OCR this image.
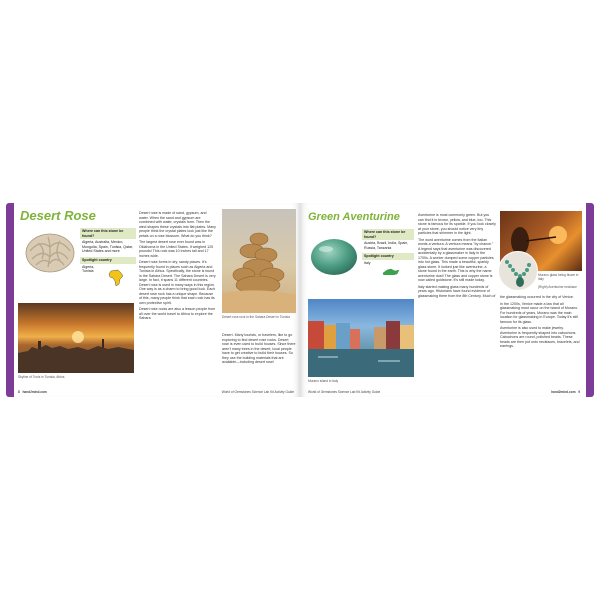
Desert Rose
Where can this stone be found?
Algeria, Australia, Mexico, Mongolia, Spain, Tunisia, Qatar, United States and more
Spotlight country
Algeria, Tunisia
Skyline of Tunis in Tunisia, Africa

Desert rose is made of sand, gypsum, and water. When the sand and gypsum are combined with water, crystals form. Then the wind shapes these crystals into flat plates. Many people think the crystal plates look just like the petals on a rose blossom. What do you think?

The largest desert rose ever found was in Oklahoma in the United States. It weighed 125 pounds! This rock was 10 inches tall and 17 inches wide.

Desert rose forms in dry, sandy places. It's frequently found in places such as Algeria and Tunisia in Africa. Specifically, the stone is found in the Sahara Desert. The Sahara Desert is very large. In fact, it spans 11 different countries. Desert rose is used in many ways in this region. One way is as a charm to bring good luck. Each desert rose rock has a unique shape. Because of this, many people think that each rock has its own protective spirit.

Desert rose rocks are also a lesson people from all over the world travel to Africa to explore the Sahara	Desert rose rock in the Sahara Desert in Tunisia

Desert. Many tourists, or travelers, like to go exploring to find desert rose rocks. Desert rose is even used to build houses. Since there aren't many trees in the desert, local people have to get creative to build their houses. So they use the building materials that are available—including desert rose!

8 hand2mind.com	World of Gemstones Science Lab Kit Activity Guide
Green Aventurine
Where can this stone be found?
Austria, Brazil, India, Spain, Russia, Tanzania
Spotlight country
Italy
Murano island in Italy

Aventurine is most commonly green. But you can find it in brown, yellow, and blue, too. This stone is famous for its sparkle. If you look closely at your stone, you should notice very tiny particles that shimmer in the light.

The word aventurine comes from the Italian words a ventura. A ventura means "by chance." A legend says that aventurine was discovered accidentally by a glassmaker in Italy in the 1700s. A worker dumped some copper particles into hot glass. This made a beautiful, sparkly glass stone. It looked just like aventurine, a stone found in the earth. This is why the name aventurine dust! The glass and copper stone is now called goldstone. It's still made today.

Italy started making glass many hundreds of years ago. Historians have found evidence of glassmaking there from the 8th Century. Much of

Murano glass being blown in Italy
(Right) Aventurine necklace

the glassmaking occurred in the city of Venice.

In the 1200s, Venice made a law that all glassmaking must occur on the island of Murano. For hundreds of years, Murano was the main location for glassmaking in Europe. Today it's still famous for its glass.

Aventurine is also used to make jewelry. Aventurine is frequently shaped into cabochons. Cabochons are round, polished beads. These beads are then put onto necklaces, bracelets, and earrings.

World of Gemstones Science Lab Kit Activity Guide	hand2mind.com 9
